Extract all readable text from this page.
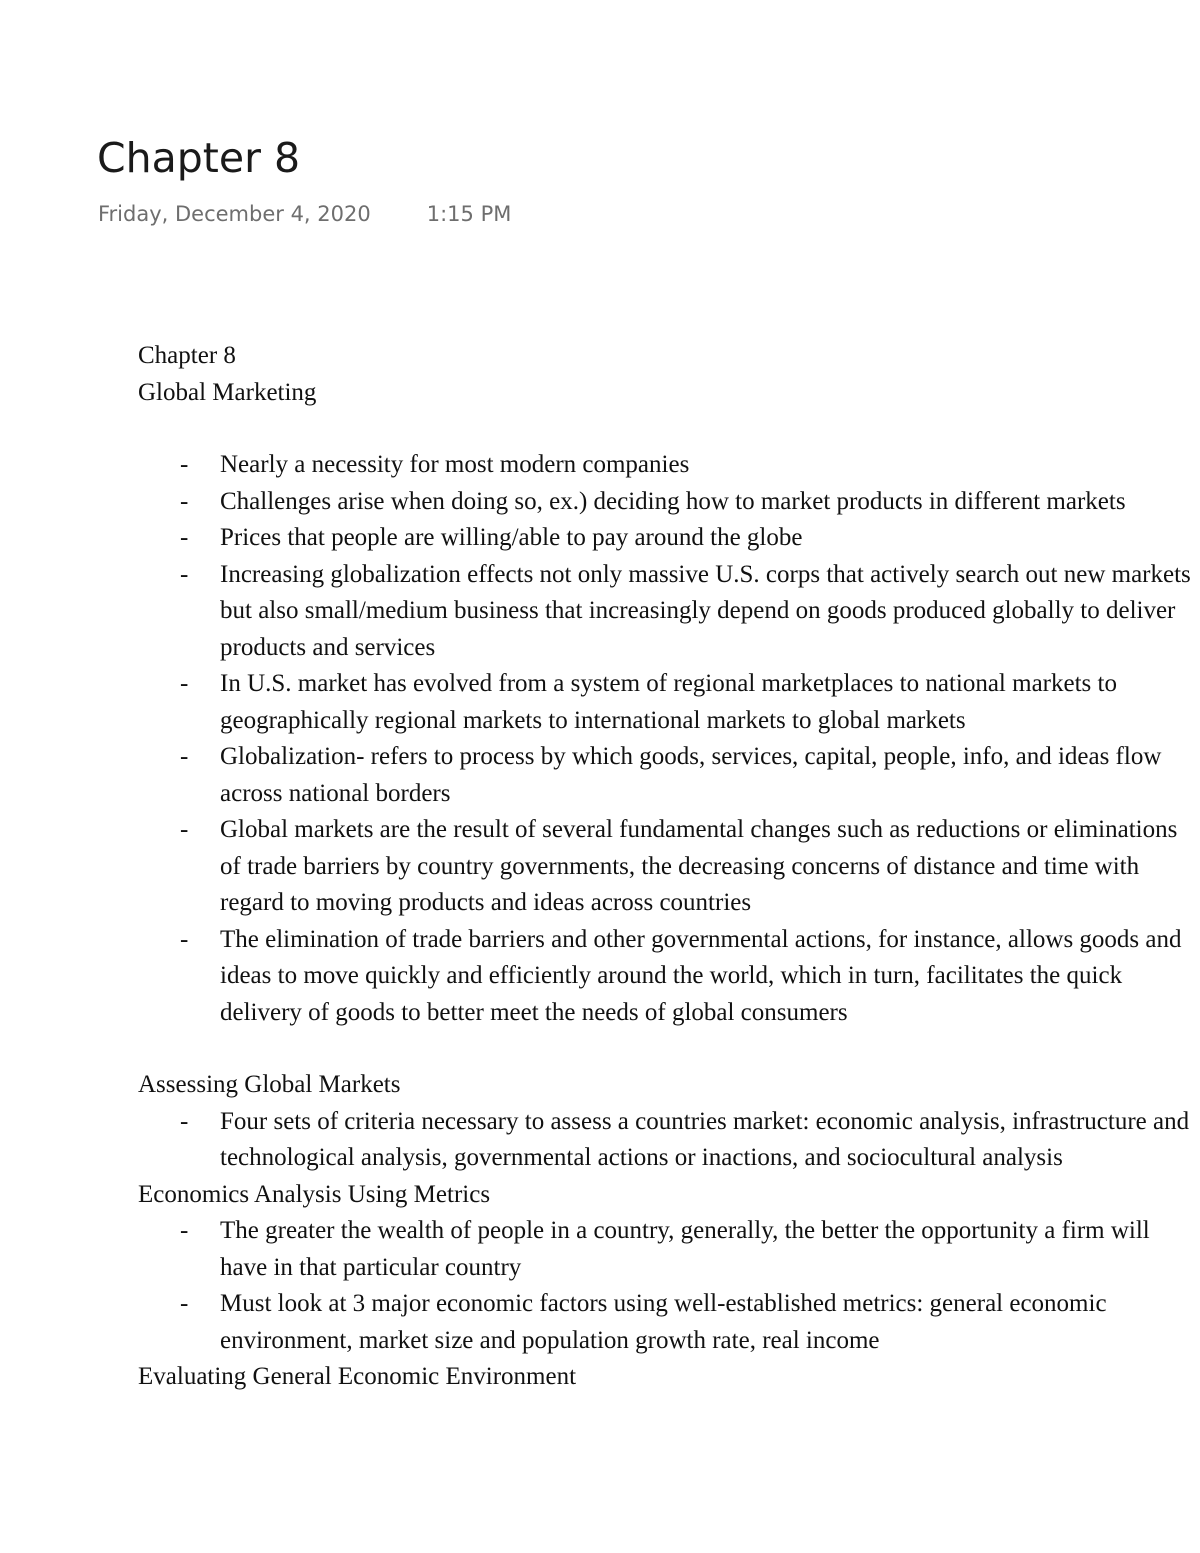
Chapter 8
Friday, December 4, 2020	1:15 PM

Chapter 8

Global Marketing

- Nearly a necessity for most modern companies
- Challenges arise when doing so, ex.) deciding how to market products in different markets
- Prices that people are willing/able to pay around the globe
- Increasing globalization effects not only massive U.S. corps that actively search out new markets but also small/medium business that increasingly depend on goods produced globally to deliver products and services
- In U.S. market has evolved from a system of regional marketplaces to national markets to geographically regional markets to international markets to global markets
- Globalization- refers to process by which goods, services, capital, people, info, and ideas flow across national borders
- Global markets are the result of several fundamental changes such as reductions or eliminations of trade barriers by country governments, the decreasing concerns of distance and time with regard to moving products and ideas across countries
- The elimination of trade barriers and other governmental actions, for instance, allows goods and ideas to move quickly and efficiently around the world, which in turn, facilitates the quick delivery of goods to better meet the needs of global consumers

Assessing Global Markets

- Four sets of criteria necessary to assess a countries market: economic analysis, infrastructure and technological analysis, governmental actions or inactions, and sociocultural analysis

Economics Analysis Using Metrics

- The greater the wealth of people in a country, generally, the better the opportunity a firm will have in that particular country
- Must look at 3 major economic factors using well-established metrics: general economic environment, market size and population growth rate, real income

Evaluating General Economic Environment
